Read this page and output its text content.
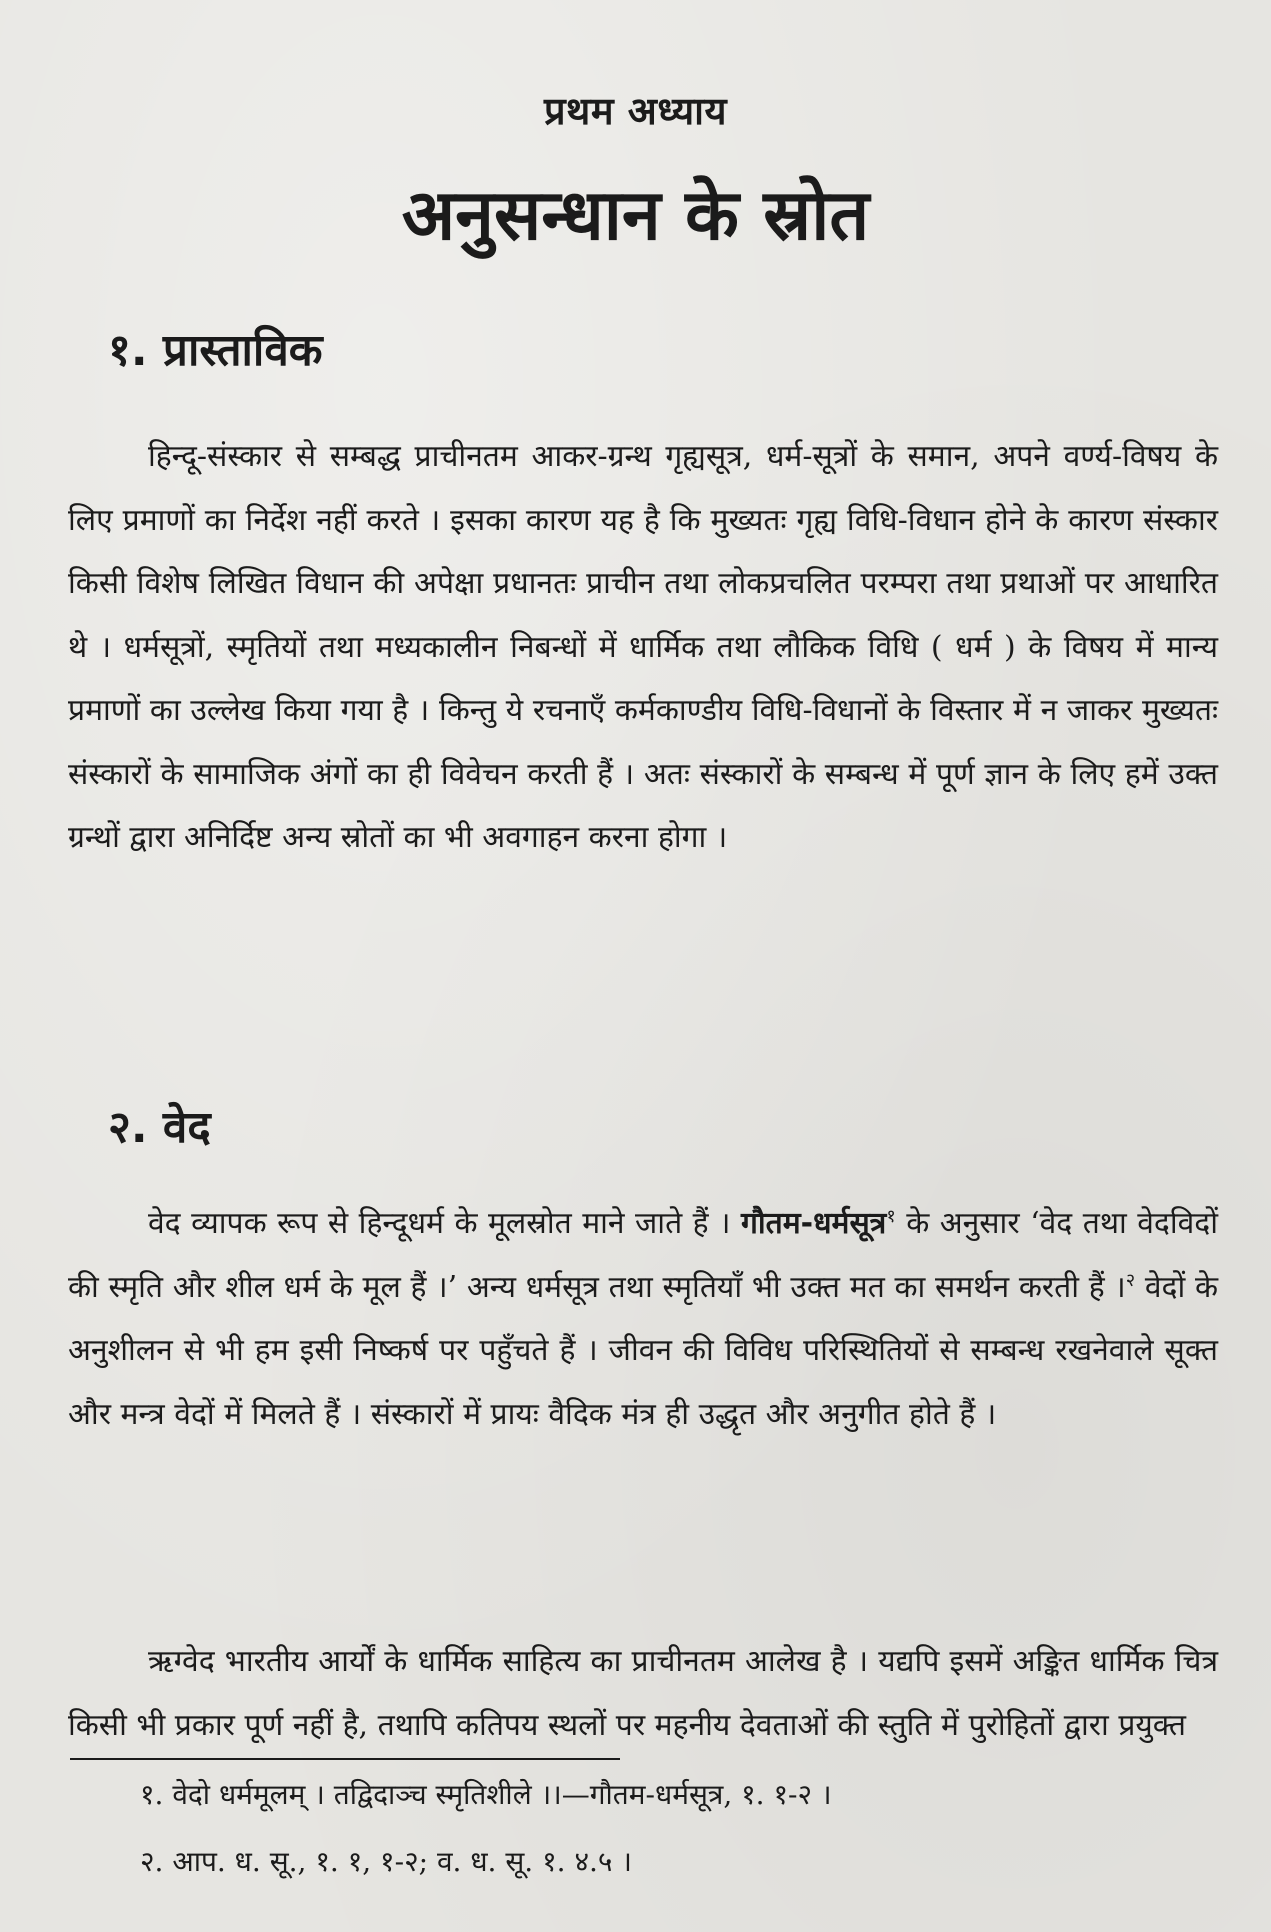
प्रथम अध्याय
अनुसन्धान के स्रोत
१. प्रास्ताविक

हिन्दू-संस्कार से सम्बद्ध प्राचीनतम आकर-ग्रन्थ गृह्यसूत्र, धर्म-सूत्रों के समान, अपने वर्ण्य-विषय के लिए प्रमाणों का निर्देश नहीं करते । इसका कारण यह है कि मुख्यतः गृह्य विधि-विधान होने के कारण संस्कार किसी विशेष लिखित विधान की अपेक्षा प्रधानतः प्राचीन तथा लोकप्रचलित परम्परा तथा प्रथाओं पर आधारित थे । धर्मसूत्रों, स्मृतियों तथा मध्यकालीन निबन्धों में धार्मिक तथा लौकिक विधि ( धर्म ) के विषय में मान्य प्रमाणों का उल्लेख किया गया है । किन्तु ये रचनाएँ कर्मकाण्डीय विधि-विधानों के विस्तार में न जाकर मुख्यतः संस्कारों के सामाजिक अंगों का ही विवेचन करती हैं । अतः संस्कारों के सम्बन्ध में पूर्ण ज्ञान के लिए हमें उक्त ग्रन्थों द्वारा अनिर्दिष्ट अन्य स्रोतों का भी अवगाहन करना होगा ।

२. वेद

वेद व्यापक रूप से हिन्दूधर्म के मूलस्रोत माने जाते हैं । गौतम-धर्मसूत्र$^१$ के अनुसार ‘वेद तथा वेदविदों की स्मृति और शील धर्म के मूल हैं ।’ अन्य धर्मसूत्र तथा स्मृतियाँ भी उक्त मत का समर्थन करती हैं ।$^२$ वेदों के अनुशीलन से भी हम इसी निष्कर्ष पर पहुँचते हैं । जीवन की विविध परिस्थितियों से सम्बन्ध रखनेवाले सूक्त और मन्त्र वेदों में मिलते हैं । संस्कारों में प्रायः वैदिक मंत्र ही उद्धृत और अनुगीत होते हैं ।

ऋग्वेद भारतीय आर्यों के धार्मिक साहित्य का प्राचीनतम आलेख है । यद्यपि इसमें अङ्कित धार्मिक चित्र किसी भी प्रकार पूर्ण नहीं है, तथापि कतिपय स्थलों पर महनीय देवताओं की स्तुति में पुरोहितों द्वारा प्रयुक्त

१. वेदो धर्ममूलम् । तद्विदाञ्च स्मृतिशीले ।।—गौतम-धर्मसूत्र, १. १-२ ।

२. आप. ध. सू., १. १, १-२; व. ध. सू. १. ४.५ ।
